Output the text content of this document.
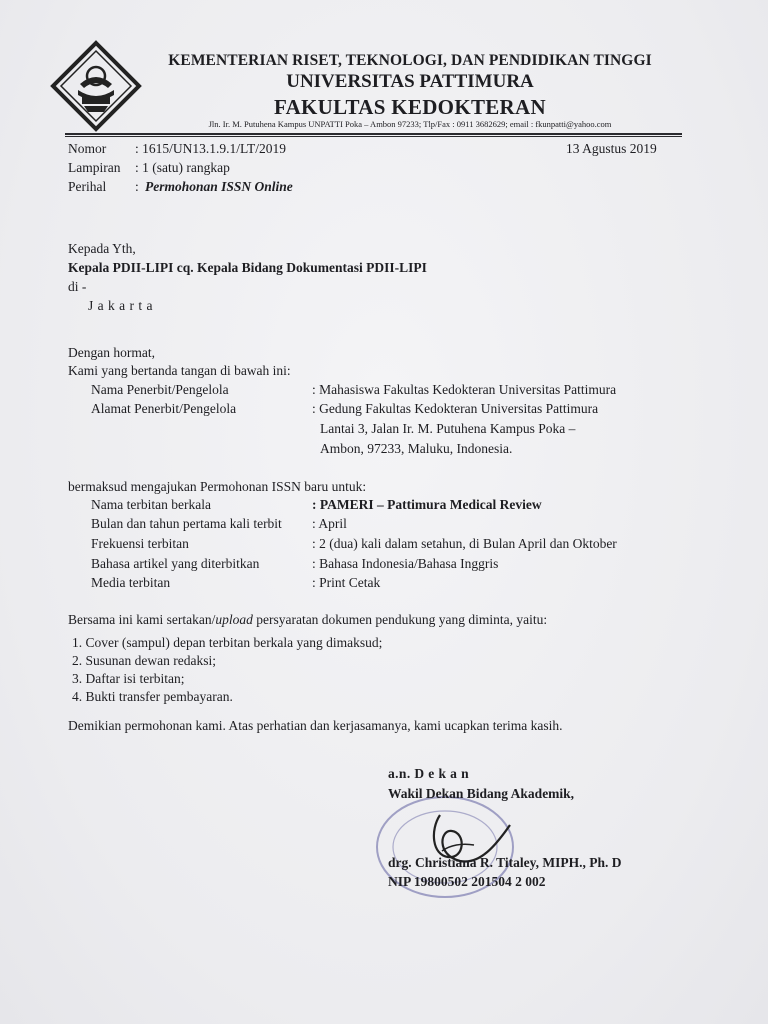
KEMENTERIAN RISET, TEKNOLOGI, DAN PENDIDIKAN TINGGI
UNIVERSITAS PATTIMURA
FAKULTAS KEDOKTERAN
Jln. Ir. M. Putuhena Kampus UNPATTI Poka – Ambon 97233; Tlp/Fax : 0911 3682629; email : fkunpatti@yahoo.com
Nomor : 1615/UN13.1.9.1/LT/2019	13 Agustus 2019
Lampiran : 1 (satu) rangkap
Perihal : Permohonan ISSN Online
Kepada Yth,
Kepala PDII-LIPI cq. Kepala Bidang Dokumentasi PDII-LIPI
di -
J a k a r t a
Dengan hormat,
Kami yang bertanda tangan di bawah ini:
Nama Penerbit/Pengelola	: Mahasiswa Fakultas Kedokteran Universitas Pattimura
Alamat Penerbit/Pengelola	: Gedung Fakultas Kedokteran Universitas Pattimura
Lantai 3, Jalan Ir. M. Putuhena Kampus Poka –
Ambon, 97233, Maluku, Indonesia.
bermaksud mengajukan Permohonan ISSN baru untuk:
Nama terbitan berkala	: PAMERI – Pattimura Medical Review
Bulan dan tahun pertama kali terbit : April
Frekuensi terbitan	: 2 (dua) kali dalam setahun, di Bulan April dan Oktober
Bahasa artikel yang diterbitkan	: Bahasa Indonesia/Bahasa Inggris
Media terbitan	: Print Cetak
Bersama ini kami sertakan/upload persyaratan dokumen pendukung yang diminta, yaitu:
1. Cover (sampul) depan terbitan berkala yang dimaksud;
2. Susunan dewan redaksi;
3. Daftar isi terbitan;
4. Bukti transfer pembayaran.
Demikian permohonan kami. Atas perhatian dan kerjasamanya, kami ucapkan terima kasih.
a.n. D e k a n
Wakil Dekan Bidang Akademik,
drg. Christiana R. Titaley, MIPH., Ph. D
NIP 19800502 201504 2 002
